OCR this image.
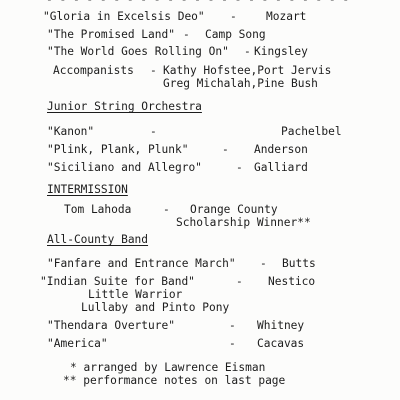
"Gloria in Excelsis Deo" -	Mozart
"The Promised Land" - Camp Song
"The World Goes Rolling On" - Kingsley
Accompanists - Kathy Hofstee,Port Jervis
Greg Michalah,Pine Bush
Junior String Orchestra
"Kanon"	-	Pachelbel
"Plink, Plank, Plunk"	- Anderson
"Siciliano and Allegro"	- Galliard
INTERMISSION
Tom Lahoda	- Orange County
Scholarship Winner**
All-County Band
"Fanfare and Entrance March" - Butts
"Indian Suite for Band"	- Nestico
Little Warrior
Lullaby and Pinto Pony
"Thendara Overture"	- Whitney
"America"	- Cacavas
* arranged by Lawrence Eisman
** performance notes on last page
